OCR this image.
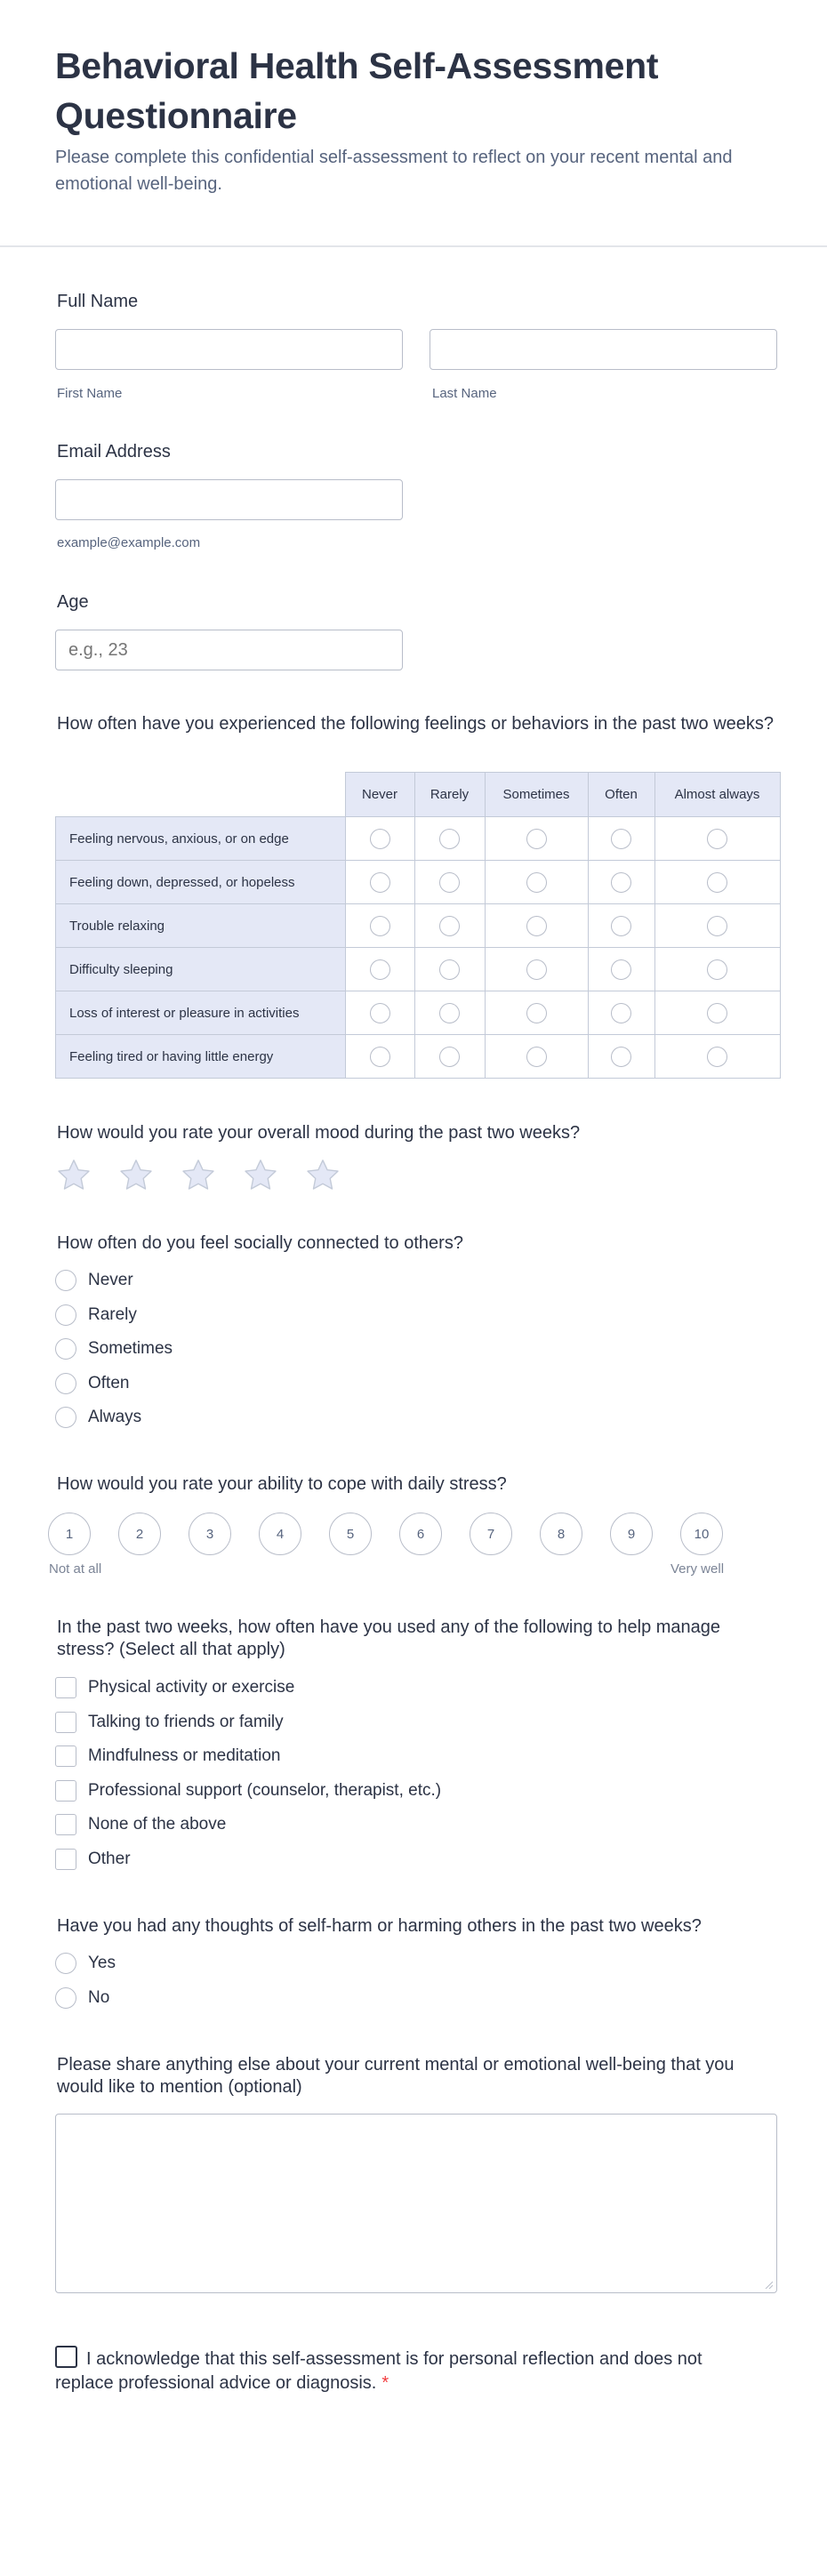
Behavioral Health Self-Assessment Questionnaire
Please complete this confidential self-assessment to reflect on your recent mental and emotional well-being.
Full Name
First Name	Last Name
Email Address
example@example.com
Age
e.g., 23
How often have you experienced the following feelings or behaviors in the past two weeks?
	Never	Rarely	Sometimes	Often	Almost always
Feeling nervous, anxious, or on edge					
Feeling down, depressed, or hopeless					
Trouble relaxing					
Difficulty sleeping					
Loss of interest or pleasure in activities					
Feeling tired or having little energy					
How would you rate your overall mood during the past two weeks?
How often do you feel socially connected to others?
Never
Rarely
Sometimes
Often
Always
How would you rate your ability to cope with daily stress?
1	2	3	4	5	6	7	8	9	10
Not at all	Very well
In the past two weeks, how often have you used any of the following to help manage stress? (Select all that apply)
Physical activity or exercise
Talking to friends or family
Mindfulness or meditation
Professional support (counselor, therapist, etc.)
None of the above
Other
Have you had any thoughts of self-harm or harming others in the past two weeks?
Yes
No
Please share anything else about your current mental or emotional well-being that you would like to mention (optional)
I acknowledge that this self-assessment is for personal reflection and does not replace professional advice or diagnosis. *
